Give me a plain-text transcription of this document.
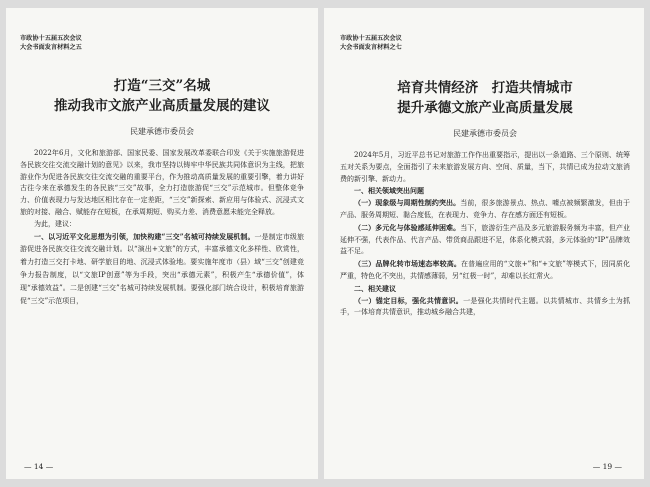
市政协十五届五次会议
大会书面发言材料之五
打造“三交”名城
推动我市文旅产业高质量发展的建议
民建承德市委员会

2022年6月，文化和旅游部、国家民委、国家发展改革委联合印发《关于实施旅游促进各民族交往交流交融计划的意见》以来，我市坚持以铸牢中华民族共同体意识为主线，把旅游业作为促进各民族交往交流交融的重要平台，作为推动高质量发展的重要引擎，着力讲好古往今来在承德发生的各民族“三交”故事，全力打造旅游促“三交”示范城市。但整体竞争力、价值表现力与发达地区相比存在一定差距，“三交”新探索、新应用与体验式、沉浸式文旅的对接、融合、赋能存在短板，在承周期短、购买力差、消费意愿未能完全释放。

为此，建议：

一、以习近平文化思想为引领，加快构建“三交”名城可持续发展机制。一是制定市级旅游促进各民族交往交流交融计划。以“演出+文旅”的方式，丰富承德文化多样性、欣赏性，着力打造三交打卡地、研学旅目的地、沉浸式体验地。要实施年度市（县）域“三交”创建竞争力报告制度，以“文旅IP创意”等为手段，突出“承德元素”，积极产生“承德价值”，体现“承德效益”。二是创建“三交”名城可持续发展机制。要强化部门统合设计，积极培育旅游促“三交”示范项目，

— 14 —
市政协十五届五次会议
大会书面发言材料之七
培育共情经济　打造共情城市
提升承德文旅产业高质量发展
民建承德市委员会

2024年5月，习近平总书记对旅游工作作出重要指示，提出以一条道路、三个原则、统筹五对关系为要点，全面指引了未来旅游发展方向、空间、质量，当下，共情已成为拉动文旅消费的新引擎、新动力。

一、相关领域突出问题

（一）现象级与周期性制约突出。当前，很多旅游景点、热点、噱点被频繁激发，但由于产品、服务周期短、黏合度低，在表现力、竞争力、存在感方面还有短板。

（二）多元化与体验感延伸困难。当下，旅游衍生产品及多元旅游服务频为丰富，但产业延伸不强，代表作品、代言产品、带货商品跟进不足，体系化模式弱，多元体验的“IP”品牌效益不足。

（三）品牌化转市场速态率较高。在普遍应用的“文旅+”和“+文旅”等模式下，因同质化严重，特色化不突出，共情感薄弱，另“红极一时”，却难以长红常火。

二、相关建议

（一）锚定目标，强化共情意识。一是强化共情时代主题。以共情城市、共情乡土为抓手，一体培育共情意识，推动城乡融合共建，

— 19 —
